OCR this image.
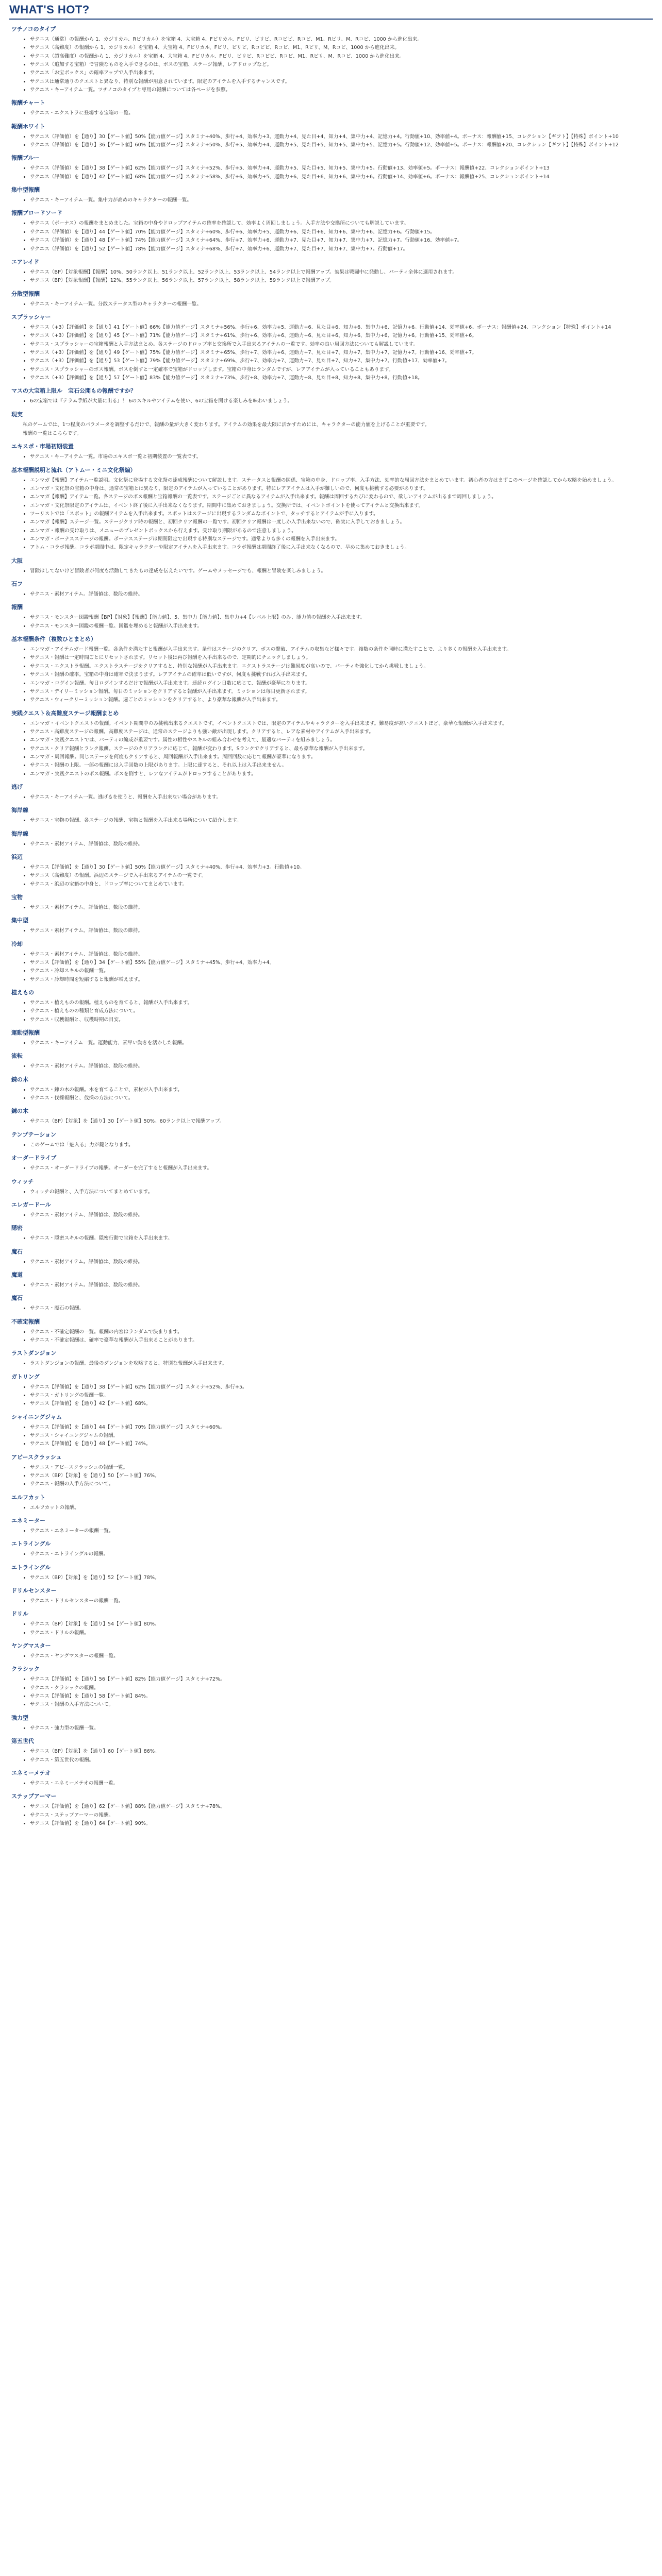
WHAT'S HOT?
ツチノコのタイプ
• サクエス（通常）の報酬から 1、カジリカル、Rビリカル）を宝箱 4、大宝箱 4、Fビリカル、Fビリ、ビリビ、Rコビビ、Rコビ、M1、Rビリ、M、Rコビ、1000 から進化出来。
• サクエス（高難度）の報酬から 1、カジリカル）を宝箱 4、大宝箱 4、Fビリカル、Fビリ、ビリビ、Rコビビ、Rコビ、M1、Rビリ、M、Rコビ、1000 から進化出来。
• サクエス（超高難度）の報酬から 1、カジリカル）を宝箱 4、大宝箱 4、Fビリカル、Fビリ、ビリビ、Rコビビ、Rコビ、M1、Rビリ、M、Rコビ、1000 から進化出来。
• サクエス（追加する宝箱）で冒険なものを入手できるのは、ボスの宝箱、ステージ報酬、レアドロップなど。
• サクエス「お宝ボックス」の確率アップで入手出来ます。
• サクエスは通常通りのクエストと異なり、特別な報酬が用意されています。限定のアイテムを入手するチャンスです。
• サクエス・キーアイテム一覧。ツチノコのタイプと専用の報酬については各ページを参照。
報酬チャート
• サクエス・エクストラに登場する宝箱の一覧。
報酬ホワイト
• サクエス（評価値）を【通り】30【ゲート値】50%【能力値ゲージ】スタミナ+40%、歩行+4、効率力+3、運動力+4、見た目+4、知力+4、集中力+4、記憶力+4。行動値+10、効率値+4。ボーナス：報酬値+15、コレクション【ギフト】【特殊】ポイント+10
• サクエス（評価値）を【通り】36【ゲート値】60%【能力値ゲージ】スタミナ+50%、歩行+5、効率力+4、運動力+5、見た目+5、知力+5、集中力+5、記憶力+5。行動値+12、効率値+5。ボーナス：報酬値+20、コレクション【ギフト】【特殊】ポイント+12
報酬ブルー
• サクエス（評価値）を【通り】38【ゲート値】62%【能力値ゲージ】スタミナ+52%、歩行+5、効率力+4、運動力+5、見た目+5、知力+5、集中力+5。行動値+13、効率値+5。ボーナス：報酬値+22、コレクションポイント+13
• サクエス（評価値）を【通り】42【ゲート値】68%【能力値ゲージ】スタミナ+58%、歩行+6、効率力+5、運動力+6、見た目+6、知力+6、集中力+6。行動値+14、効率値+6。ボーナス：報酬値+25、コレクションポイント+14
集中型報酬
• サクエス・キーアイテム一覧。集中力が高めのキャラクターの報酬一覧。
報酬ブロードソード
• サクエス（ボーナス）の報酬をまとめました。宝箱の中身やドロップアイテムの確率を確認して、効率よく周回しましょう。入手方法や交換所についても解説しています。
• サクエス（評価値）を【通り】44【ゲート値】70%【能力値ゲージ】スタミナ+60%、歩行+6、効率力+5、運動力+6、見た目+6、知力+6、集中力+6、記憶力+6。行動値+15。
• サクエス（評価値）を【通り】48【ゲート値】74%【能力値ゲージ】スタミナ+64%、歩行+7、効率力+6、運動力+7、見た目+7、知力+7、集中力+7、記憶力+7。行動値+16、効率値+7。
• サクエス（評価値）を【通り】52【ゲート値】78%【能力値ゲージ】スタミナ+68%、歩行+7、効率力+6、運動力+7、見た目+7、知力+7、集中力+7。行動値+17。
エアレイド
• サクエス（BP）【対象報酬】【報酬】10%、50ランク以上、51ランク以上、52ランク以上、53ランク以上、54ランク以上で報酬アップ。効果は戦闘中に発動し、パーティ全体に適用されます。
• サクエス（BP）【対象報酬】【報酬】12%、55ランク以上、56ランク以上、57ランク以上、58ランク以上、59ランク以上で報酬アップ。
分散型報酬
• サクエス・キーアイテム一覧。分散ステータス型のキャラクターの報酬一覧。
スプラッシャー
• サクエス（+3）【評価値】を【通り】41【ゲート値】66%【能力値ゲージ】スタミナ+56%、歩行+6、効率力+5、運動力+6、見た目+6、知力+6、集中力+6、記憶力+6。行動値+14、効率値+6。ボーナス：報酬値+24、コレクション【特殊】ポイント+14
• サクエス（+3）【評価値】を【通り】45【ゲート値】71%【能力値ゲージ】スタミナ+61%、歩行+6、効率力+6、運動力+6、見た目+6、知力+6、集中力+6、記憶力+6。行動値+15、効率値+6。
• サクエス・スプラッシャーの宝箱報酬と入手方法まとめ。各ステージのドロップ率と交換所で入手出来るアイテムの一覧です。効率の良い周回方法についても解説しています。
• サクエス（+3）【評価値】を【通り】49【ゲート値】75%【能力値ゲージ】スタミナ+65%、歩行+7、効率力+6、運動力+7、見た目+7、知力+7、集中力+7、記憶力+7。行動値+16、効率値+7。
• サクエス（+3）【評価値】を【通り】53【ゲート値】79%【能力値ゲージ】スタミナ+69%、歩行+7、効率力+7、運動力+7、見た目+7、知力+7、集中力+7。行動値+17、効率値+7。
• サクエス・スプラッシャーのボス報酬。ボスを倒すと一定確率で宝箱がドロップします。宝箱の中身はランダムですが、レアアイテムが入っていることもあります。
• サクエス（+3）【評価値】を【通り】57【ゲート値】83%【能力値ゲージ】スタミナ+73%、歩行+8、効率力+7、運動力+8、見た目+8、知力+8、集中力+8。行動値+18。
マスの大宝箱上限ル　宝石公開もの報酬ですか？
• 6の宝箱では『テラム手紙が大量に出る』！ 6のスキルやアイテムを使い、6の宝箱を開ける楽しみを味わいましょう。
現実

私のゲームでは、1つ程度のパラメータを調整するだけで、報酬の量が大きく変わります。アイテムの効果を最大限に活かすためには、キャラクターの能力値を上げることが重要です。

報酬の一覧はこちらです。

エキスポ・市場初期装置
• サクエス・キーアイテム一覧。市場のエキスポ一覧と初期装置の一覧表です。
基本報酬説明と流れ（アトムー・ミニ文化祭編）
• エンマガ【報酬】アイテム一覧説明。文化祭に登場する文化祭の達成報酬について解説します。ステータスと報酬の関係、宝箱の中身、ドロップ率、入手方法、効率的な周回方法をまとめています。初心者の方はまずこのページを確認してから攻略を始めましょう。
• エンマガ・文化祭の宝箱の中身は、通常の宝箱とは異なり、限定のアイテムが入っていることがあります。特にレアアイテムは入手が難しいので、何度も挑戦する必要があります。
• エンマガ【報酬】アイテム一覧。各ステージのボス報酬と宝箱報酬の一覧表です。ステージごとに異なるアイテムが入手出来ます。報酬は周回するたびに変わるので、欲しいアイテムが出るまで周回しましょう。
• エンマガ・文化祭限定のアイテムは、イベント終了後に入手出来なくなります。期間中に集めておきましょう。交換所では、イベントポイントを使ってアイテムと交換出来ます。
• ツーリストでは「スポット」の報酬アイテムを入手出来ます。スポットはステージに出現するランダムなポイントで、タッチするとアイテムが手に入ります。
• エンマガ【報酬】ステージ一覧。ステージクリア時の報酬と、初回クリア報酬の一覧です。初回クリア報酬は一度しか入手出来ないので、確実に入手しておきましょう。
• エンマガ・報酬の受け取りは、メニューのプレゼントボックスから行えます。受け取り期限があるので注意しましょう。
• エンマガ・ボーナスステージの報酬。ボーナスステージは期間限定で出現する特別なステージです。通常よりも多くの報酬を入手出来ます。
• アトム・コラボ報酬。コラボ期間中は、限定キャラクターや限定アイテムを入手出来ます。コラボ報酬は期間終了後に入手出来なくなるので、早めに集めておきましょう。
大阪
• 冒険はしてないけど冒険者が何度も活動してきたもの達成を伝えたいです。ゲームやメッセージでも、報酬と冒険を楽しみましょう。
石フ
• サクエス・素材アイテム。評価値は、数段の維持。
報酬
• サクエス・モンスター図鑑報酬【BP】【対象】【報酬】【能力値】、5、集中力【能力値】、集中力+4【レベル上限】のみ、能力値の報酬を入手出来ます。
• サクエス・モンスター図鑑の報酬一覧。図鑑を埋めると報酬が入手出来ます。
基本報酬条件（複数ひとまとめ）
• エンマガ・アイテムガード報酬一覧。各条件を満たすと報酬が入手出来ます。条件はステージのクリア、ボスの撃破、アイテムの収集など様々です。複数の条件を同時に満たすことで、より多くの報酬を入手出来ます。
• サクエス・報酬は一定時間ごとにリセットされます。リセット後は再び報酬を入手出来るので、定期的にチェックしましょう。
• サクエス・エクストラ報酬。エクストラステージをクリアすると、特別な報酬が入手出来ます。エクストラステージは難易度が高いので、パーティを強化してから挑戦しましょう。
• サクエス・報酬の確率。宝箱の中身は確率で決まります。レアアイテムの確率は低いですが、何度も挑戦すれば入手出来ます。
• エンマガ・ログイン報酬。毎日ログインするだけで報酬が入手出来ます。連続ログイン日数に応じて、報酬が豪華になります。
• サクエス・デイリーミッション報酬。毎日のミッションをクリアすると報酬が入手出来ます。ミッションは毎日更新されます。
• サクエス・ウィークリーミッション報酬。週ごとのミッションをクリアすると、より豪華な報酬が入手出来ます。
実践クエスト＆高難度ステージ報酬まとめ
• エンマガ・イベントクエストの報酬。イベント期間中のみ挑戦出来るクエストです。イベントクエストでは、限定のアイテムやキャラクターを入手出来ます。難易度が高いクエストほど、豪華な報酬が入手出来ます。
• サクエス・高難度ステージの報酬。高難度ステージは、通常のステージよりも強い敵が出現します。クリアすると、レアな素材やアイテムが入手出来ます。
• エンマガ・実践クエストでは、パーティの編成が重要です。属性の相性やスキルの組み合わせを考えて、最適なパーティを組みましょう。
• サクエス・クリア報酬とランク報酬。ステージのクリアランクに応じて、報酬が変わります。Sランクでクリアすると、最も豪華な報酬が入手出来ます。
• エンマガ・周回報酬。同じステージを何度もクリアすると、周回報酬が入手出来ます。周回回数に応じて報酬が豪華になります。
• サクエス・報酬の上限。一部の報酬には入手回数の上限があります。上限に達すると、それ以上は入手出来ません。
• エンマガ・実践クエストのボス報酬。ボスを倒すと、レアなアイテムがドロップすることがあります。
逃げ
• サクエス・キーアイテム一覧。逃げるを使うと、報酬を入手出来ない場合があります。
海岸線
• サクエス・宝物の報酬、各ステージの報酬、宝物と報酬を入手出来る場所について紹介します。
海岸線
• サクエス・素材アイテム、評価値は、数段の維持。
浜辺
• サクエス【評価値】を【通り】30【ゲート値】50%【能力値ゲージ】スタミナ+40%、歩行+4、効率力+3。行動値+10。
• サクエス（高難度）の報酬。浜辺のステージで入手出来るアイテムの一覧です。
• サクエス・浜辺の宝箱の中身と、ドロップ率についてまとめています。
宝物
• サクエス・素材アイテム。評価値は、数段の維持。
集中型
• サクエス・素材アイテム。評価値は、数段の維持。
冷却
• サクエス・素材アイテム、評価値は、数段の維持。
• サクエス【評価値】を【通り】34【ゲート値】55%【能力値ゲージ】スタミナ+45%、歩行+4、効率力+4。
• サクエス・冷却スキルの報酬一覧。
• サクエス・冷却時間を短縮すると報酬が増えます。
植えもの
• サクエス・植えものの報酬。植えものを育てると、報酬が入手出来ます。
• サクエス・植えものの種類と育成方法について。
• サクエス・収穫報酬と、収穫時期の目安。
運動型報酬
• サクエス・キーアイテム一覧。運動能力、素早い動きを活かした報酬。
流転
• サクエス・素材アイテム。評価値は、数段の維持。
錬の木
• サクエス・錬の木の報酬。木を育てることで、素材が入手出来ます。
• サクエス・伐採報酬と、伐採の方法について。
錬の木
• サクエス（BP）【対象】を【通り】30【ゲート値】50%。60ランク以上で報酬アップ。
テンプテーション
• このゲームでは「魅入る」力が鍵となります。
オーダードライブ
• サクエス・オーダードライブの報酬。オーダーを完了すると報酬が入手出来ます。
ウィッチ
• ウィッチの報酬と、入手方法についてまとめています。
エレガードール
• サクエス・素材アイテム、評価値は、数段の維持。
隠密
• サクエス・隠密スキルの報酬。隠密行動で宝箱を入手出来ます。
魔石
• サクエス・素材アイテム。評価値は、数段の維持。
魔道
• サクエス・素材アイテム。評価値は、数段の維持。
魔石
• サクエス・魔石の報酬。
不確定報酬
• サクエス・不確定報酬の一覧。報酬の内容はランダムで決まります。
• サクエス・不確定報酬は、確率で豪華な報酬が入手出来ることがあります。
ラストダンジョン
• ラストダンジョンの報酬。最後のダンジョンを攻略すると、特別な報酬が入手出来ます。
ガトリング
• サクエス【評価値】を【通り】38【ゲート値】62%【能力値ゲージ】スタミナ+52%、歩行+5。
• サクエス・ガトリングの報酬一覧。
• サクエス【評価値】を【通り】42【ゲート値】68%。
シャイニングジャム
• サクエス【評価値】を【通り】44【ゲート値】70%【能力値ゲージ】スタミナ+60%。
• サクエス・シャイニングジャムの報酬。
• サクエス【評価値】を【通り】48【ゲート値】74%。
アビースクラッシュ
• サクエス・アビースクラッシュの報酬一覧。
• サクエス（BP）【対象】を【通り】50【ゲート値】76%。
• サクエス・報酬の入手方法について。
エルフカット
• エルフカットの報酬。
エネミーター
• サクエス・エネミーターの報酬一覧。
エトライングル
• サクエス・エトライングルの報酬。
エトライングル
• サクエス（BP）【対象】を【通り】52【ゲート値】78%。
ドリルセンスター
• サクエス・ドリルセンスターの報酬一覧。
ドリル
• サクエス（BP）【対象】を【通り】54【ゲート値】80%。
• サクエス・ドリルの報酬。
ヤングマスター
• サクエス・ヤングマスターの報酬一覧。
クラシック
• サクエス【評価値】を【通り】56【ゲート値】82%【能力値ゲージ】スタミナ+72%。
• サクエス・クラシックの報酬。
• サクエス【評価値】を【通り】58【ゲート値】84%。
• サクエス・報酬の入手方法について。
強力型
• サクエス・強力型の報酬一覧。
第五世代
• サクエス（BP）【対象】を【通り】60【ゲート値】86%。
• サクエス・第五世代の報酬。
エネミーメテオ
• サクエス・エネミーメテオの報酬一覧。
ステップアーマー
• サクエス【評価値】を【通り】62【ゲート値】88%【能力値ゲージ】スタミナ+78%。
• サクエス・ステップアーマーの報酬。
• サクエス【評価値】を【通り】64【ゲート値】90%。
